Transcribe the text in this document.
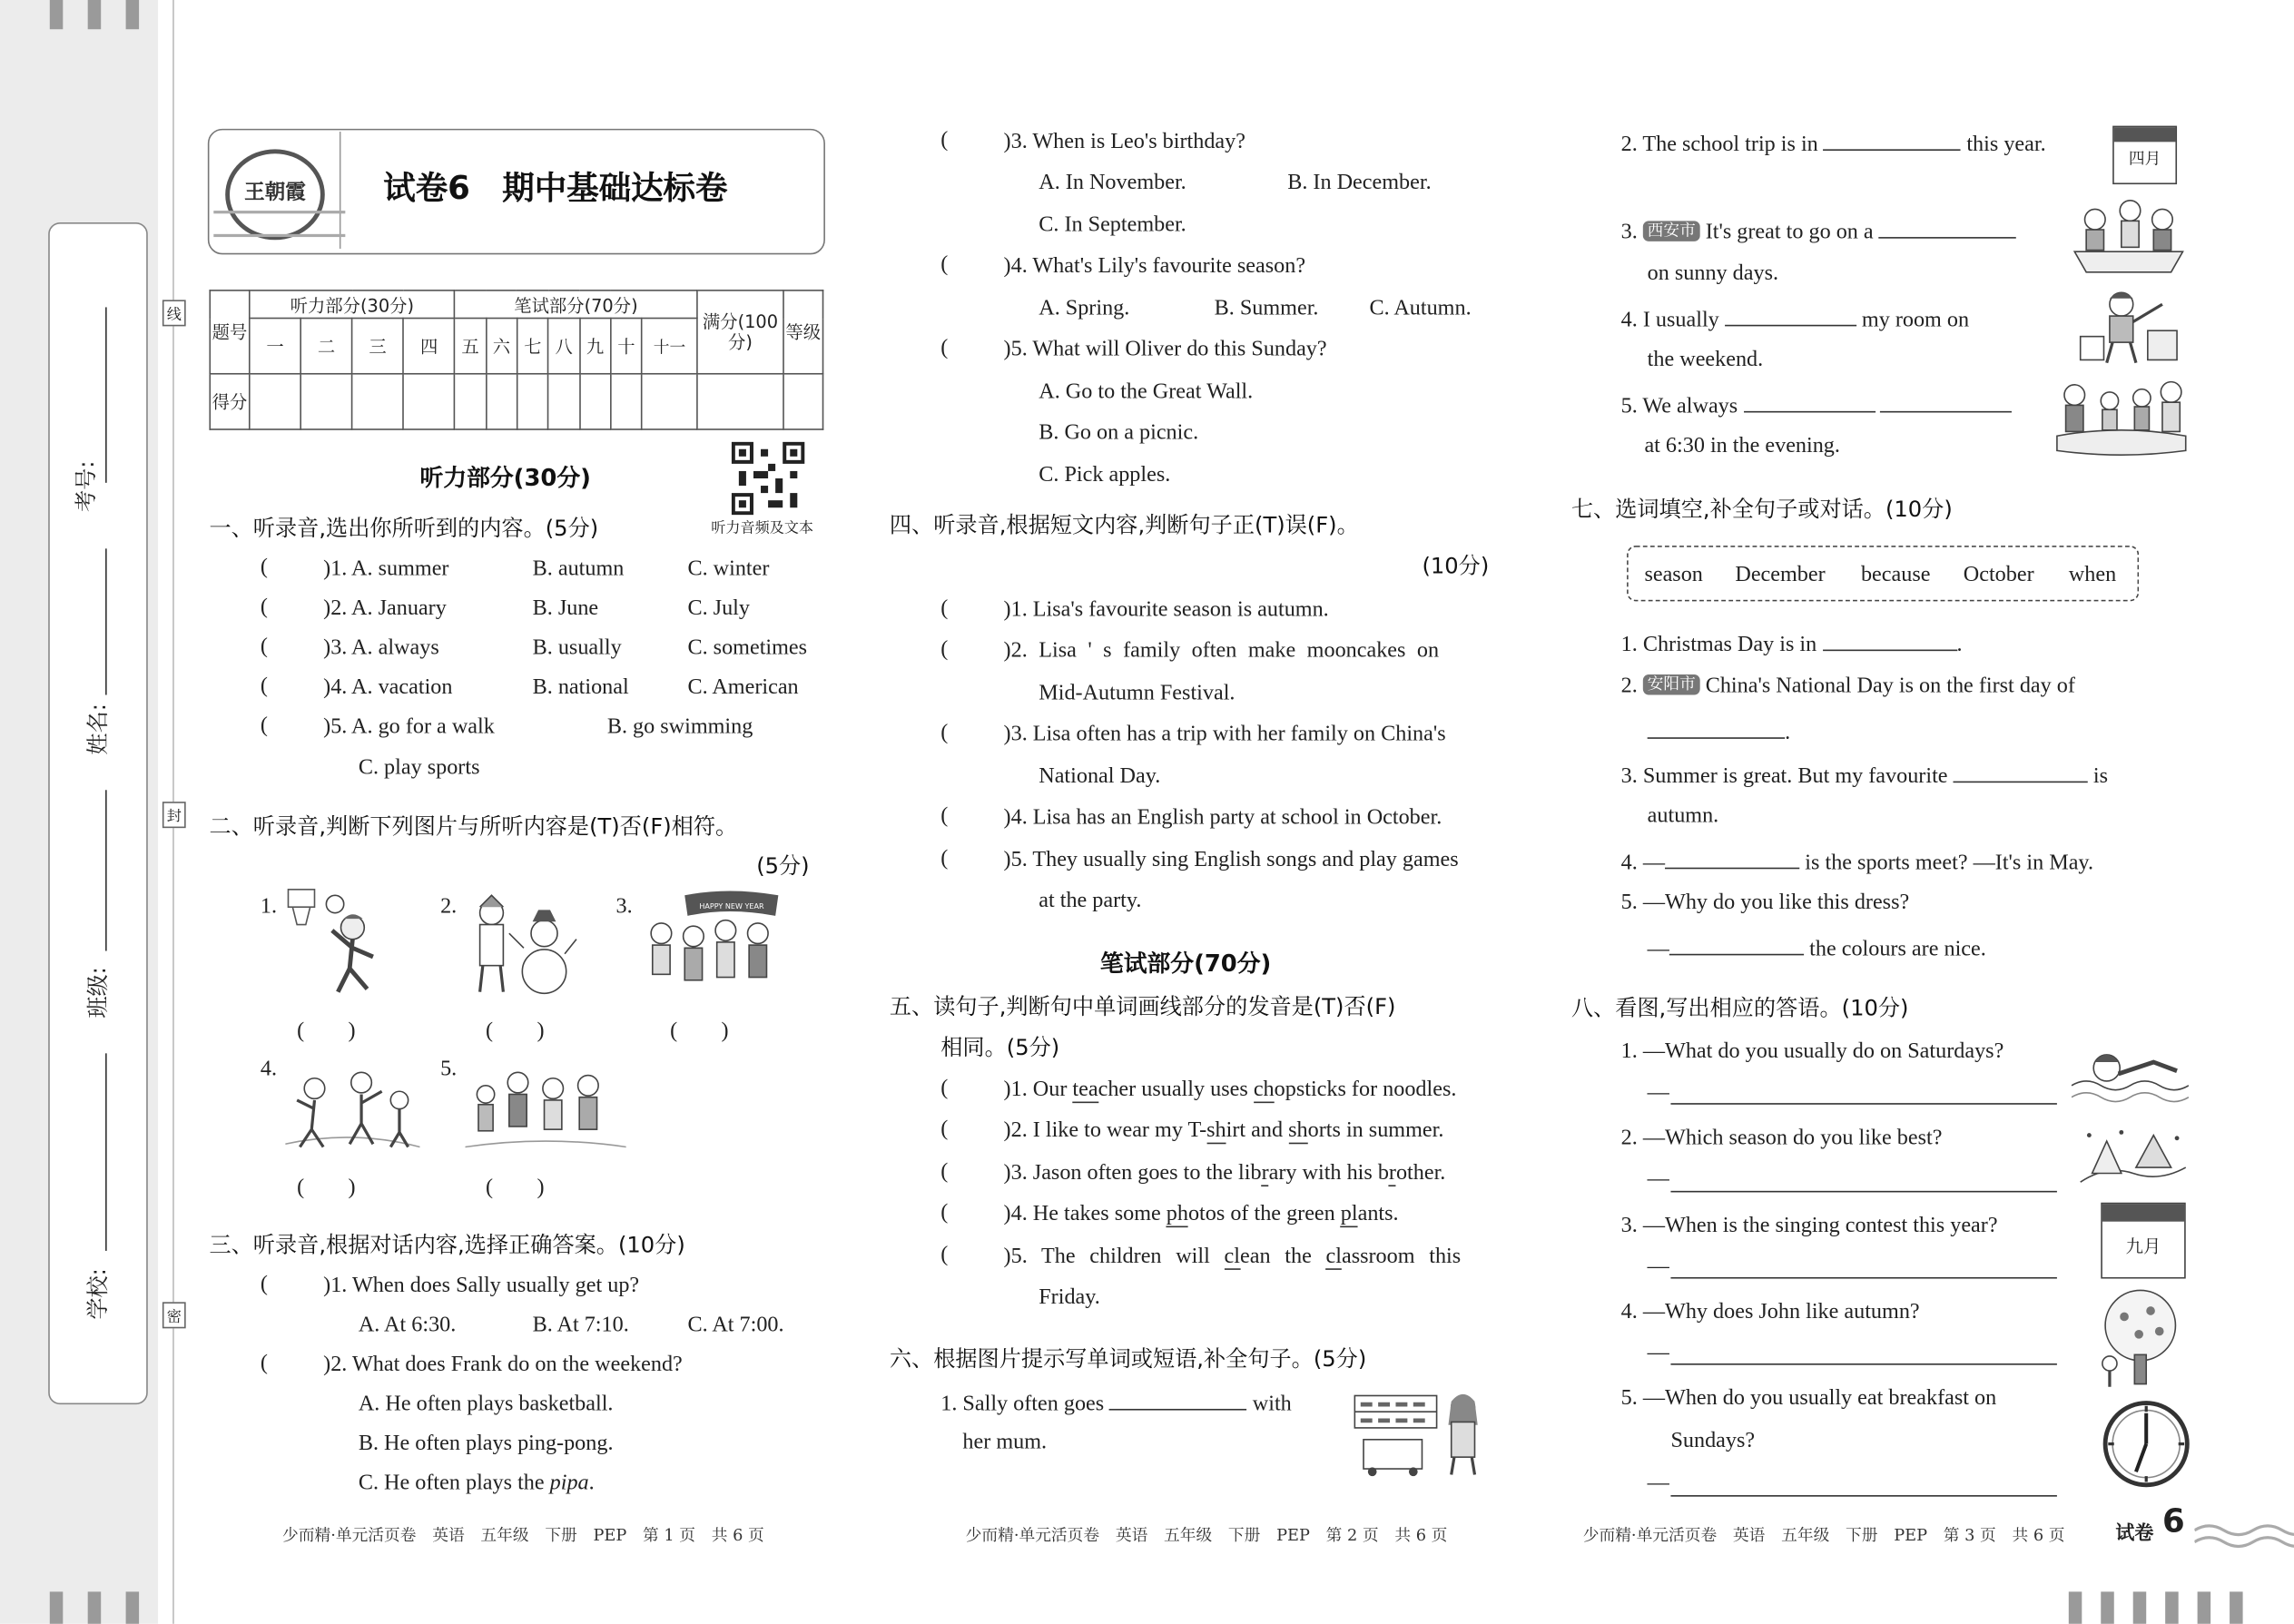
考号:
姓名:
班级:
学校:
线
封
密
王朝霞	试卷6　期中基础达标卷
题号	听力部分(30分)				笔试部分(70分)							满分(100分)	等级
	一	二	三	四	五	六	七	八	九	十	十一		
得分													
听力音频及文本
听力部分(30分)
一、听录音,选出你所听到的内容。(5分)
(	)1. A. summer	B. autumn	C. winter
(	)2. A. January	B. June	C. July
(	)3. A. always	B. usually	C. sometimes
(	)4. A. vacation	B. national	C. American
(	)5. A. go for a walk	B. go swimming
C. play sports
二、听录音,判断下列图片与所听内容是(T)否(F)相符。
(5分)
1.
(　　)
2.
(　　)
3.	HAPPY NEW YEAR
(　　)
4.
(　　)
5.
(　　)
三、听录音,根据对话内容,选择正确答案。(10分)
(	)1. When does Sally usually get up?
A. At 6:30.	B. At 7:10.	C. At 7:00.
(	)2. What does Frank do on the weekend?
A. He often plays basketball.
B. He often plays ping-pong.
C. He often plays the pipa.
少而精·单元活页卷　英语　五年级　下册　PEP　第 1 页　共 6 页
(	)3. When is Leo's birthday?
A. In November.	B. In December.
C. In September.
(	)4. What's Lily's favourite season?
A. Spring.	B. Summer.	C. Autumn.
(	)5. What will Oliver do this Sunday?
A. Go to the Great Wall.
B. Go on a picnic.
C. Pick apples.
四、听录音,根据短文内容,判断句子正(T)误(F)。
(10分)
(	)1. Lisa's favourite season is autumn.
(	)2. Lisa ' s family often make mooncakes on
Mid-Autumn Festival.
(	)3. Lisa often has a trip with her family on China's
National Day.
(	)4. Lisa has an English party at school in October.
(	)5. They usually sing English songs and play games
at the party.
笔试部分(70分)
五、读句子,判断句中单词画线部分的发音是(T)否(F)
相同。(5分)
(	)1. Our teacher usually uses chopsticks for noodles.
(	)2. I like to wear my T-shirt and shorts in summer.
(	)3. Jason often goes to the library with his brother.
(	)4. He takes some photos of the green plants.
(	)5. The children will clean the classroom this
Friday.
六、根据图片提示写单词或短语,补全句子。(5分)
1. Sally often goes	with
her mum.
少而精·单元活页卷　英语　五年级　下册　PEP　第 2 页　共 6 页
2. The school trip is in	this year.
四月
3. 西安市 It's great to go on a
on sunny days.
4. I usually	my room on
the weekend.
5. We always
at 6:30 in the evening.
七、选词填空,补全句子或对话。(10分)
season December	because October	when
1. Christmas Day is in	.
2. 安阳市 China's National Day is on the first day of
.
3. Summer is great. But my favourite	is
autumn.
4. —	is the sports meet? —It's in May.
5. —Why do you like this dress?
—	the colours are nice.
八、看图,写出相应的答语。(10分)
1. —What do you usually do on Saturdays?
—
2. —Which season do you like best?
—
3. —When is the singing contest this year?
—
九月
4. —Why does John like autumn?
—
5. —When do you usually eat breakfast on
Sundays?
—
少而精·单元活页卷　英语　五年级　下册　PEP　第 3 页　共 6 页	试卷 6
